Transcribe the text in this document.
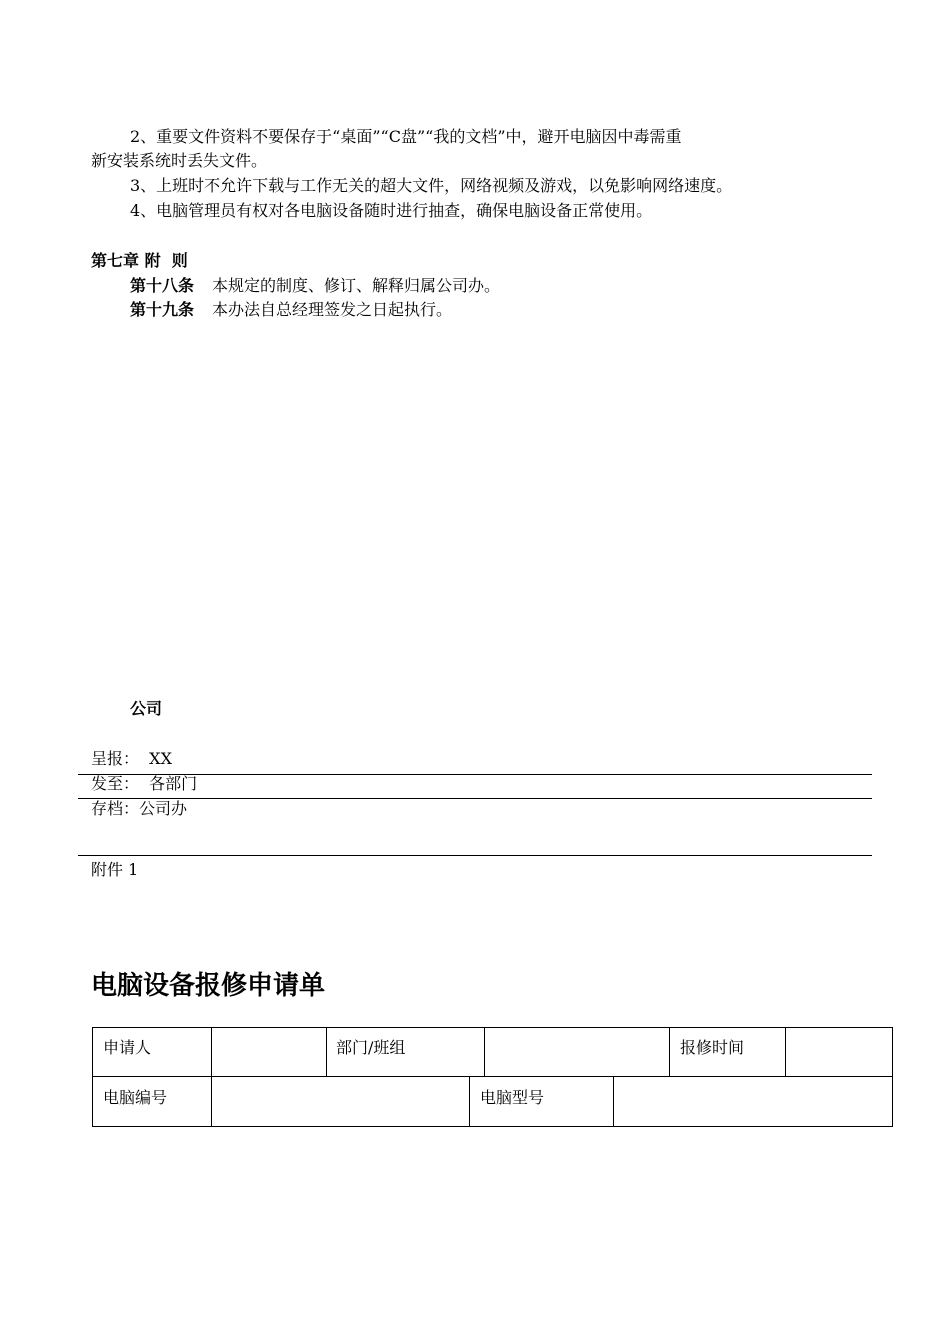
2、重要文件资料不要保存于“桌面”“C盘”“我的文档”中，避开电脑因中毒需重
新安装系统时丢失文件。
3、上班时不允许下载与工作无关的超大文件，网络视频及游戏，以免影响网络速度。
4、电脑管理员有权对各电脑设备随时进行抽查，确保电脑设备正常使用。
第七章 附  则
第十八条 本规定的制度、修订、解释归属公司办。
第十九条 本办法自总经理签发之日起执行。
公司
呈报：  XX
发至：  各部门
存档：公司办
附件 1
电脑设备报修申请单
申请人	部门/班组	报修时间
电脑编号	电脑型号
